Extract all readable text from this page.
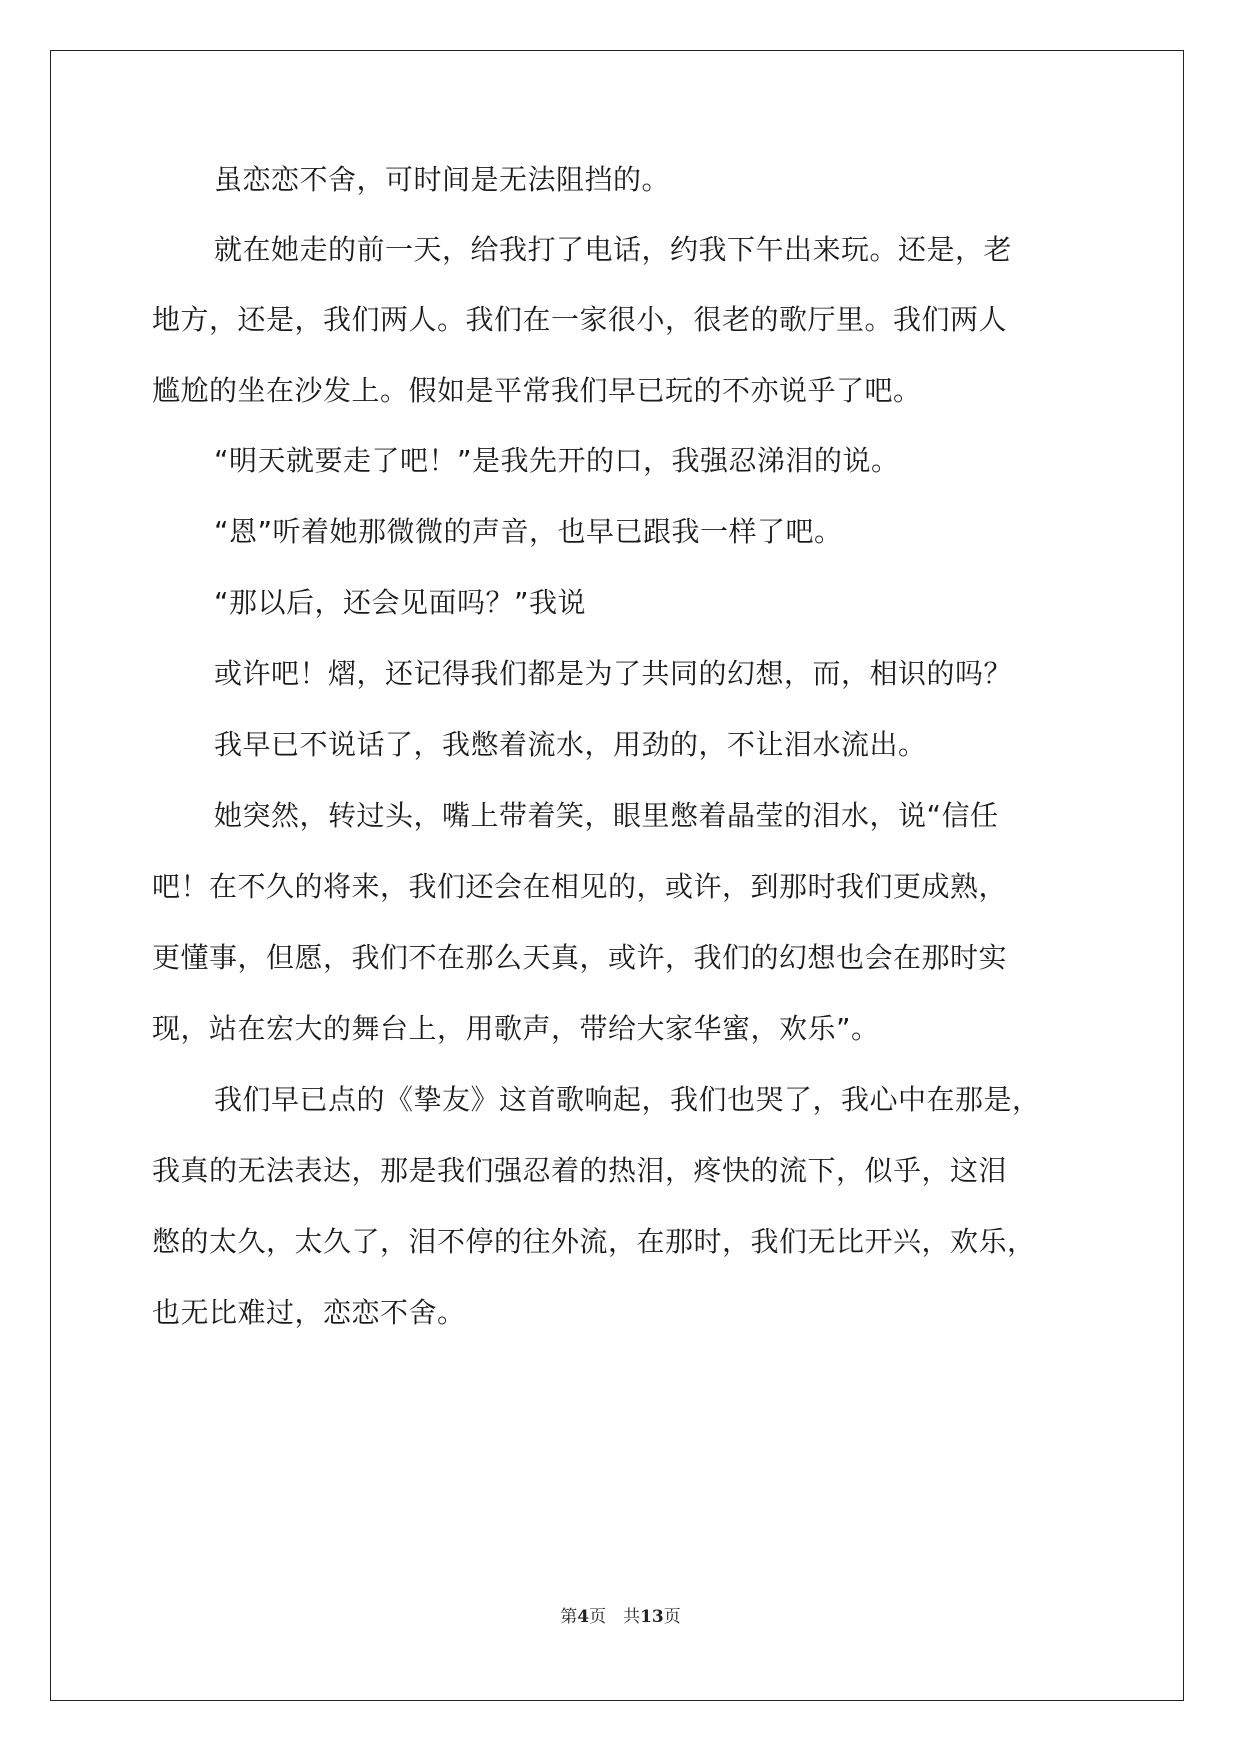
虽恋恋不舍，可时间是无法阻挡的。
就在她走的前一天，给我打了电话，约我下午出来玩。还是，老
地方，还是，我们两人。我们在一家很小，很老的歌厅里。我们两人
尴尬的坐在沙发上。假如是平常我们早已玩的不亦说乎了吧。
“明天就要走了吧！”是我先开的口，我强忍涕泪的说。
“恩”听着她那微微的声音，也早已跟我一样了吧。
“那以后，还会见面吗？”我说
或许吧！熠，还记得我们都是为了共同的幻想，而，相识的吗？
我早已不说话了，我憋着流水，用劲的，不让泪水流出。
她突然，转过头，嘴上带着笑，眼里憋着晶莹的泪水，说“信任
吧！在不久的将来，我们还会在相见的，或许，到那时我们更成熟，
更懂事，但愿，我们不在那么天真，或许，我们的幻想也会在那时实
现，站在宏大的舞台上，用歌声，带给大家华蜜，欢乐”。
我们早已点的《挚友》这首歌响起，我们也哭了，我心中在那是，
我真的无法表达，那是我们强忍着的热泪，疼快的流下，似乎，这泪
憋的太久，太久了，泪不停的往外流，在那时，我们无比开兴，欢乐，
也无比难过，恋恋不舍。
第4页　共13页
